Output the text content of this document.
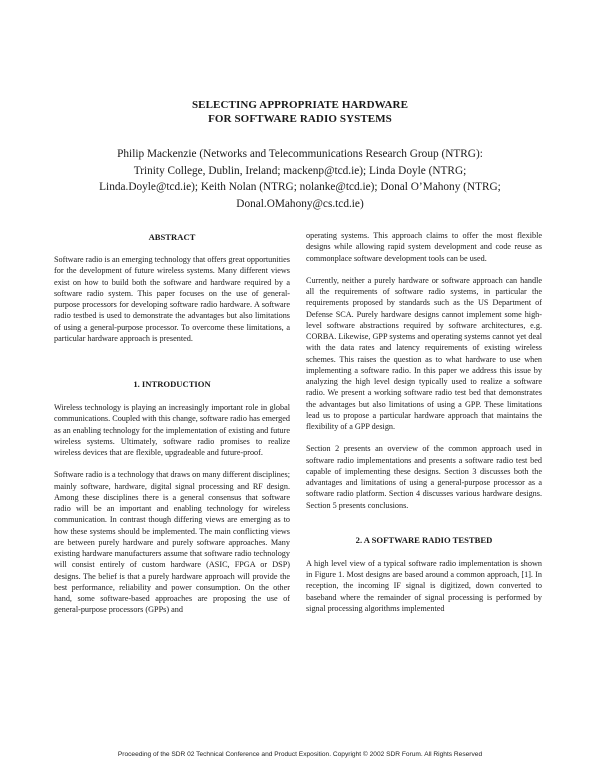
SELECTING APPROPRIATE HARDWARE
FOR SOFTWARE RADIO SYSTEMS
Philip Mackenzie (Networks and Telecommunications Research Group (NTRG):
Trinity College, Dublin, Ireland; mackenp@tcd.ie); Linda Doyle (NTRG;
Linda.Doyle@tcd.ie); Keith Nolan (NTRG; nolanke@tcd.ie); Donal O’Mahony (NTRG;
Donal.OMahony@cs.tcd.ie)
ABSTRACT

Software radio is an emerging technology that offers great opportunities for the development of future wireless systems. Many different views exist on how to build both the software and hardware required by a software radio system. This paper focuses on the use of general-purpose processors for developing software radio hardware. A software radio testbed is used to demonstrate the advantages but also limitations of using a general-purpose processor. To overcome these limitations, a particular hardware approach is presented.

1. INTRODUCTION

Wireless technology is playing an increasingly important role in global communications. Coupled with this change, software radio has emerged as an enabling technology for the implementation of existing and future wireless systems. Ultimately, software radio promises to realize wireless devices that are flexible, upgradeable and future-proof.

Software radio is a technology that draws on many different disciplines; mainly software, hardware, digital signal processing and RF design. Among these disciplines there is a general consensus that software radio will be an important and enabling technology for wireless communication. In contrast though differing views are emerging as to how these systems should be implemented. The main conflicting views are between purely hardware and purely software approaches. Many existing hardware manufacturers assume that software radio technology will consist entirely of custom hardware (ASIC, FPGA or DSP) designs. The belief is that a purely hardware approach will provide the best performance, reliability and power consumption. On the other hand, some software-based approaches are proposing the use of general-purpose processors (GPPs) and

operating systems. This approach claims to offer the most flexible designs while allowing rapid system development and code reuse as commonplace software development tools can be used.

Currently, neither a purely hardware or software approach can handle all the requirements of software radio systems, in particular the requirements proposed by standards such as the US Department of Defense SCA. Purely hardware designs cannot implement some high-level software abstractions required by software architectures, e.g. CORBA. Likewise, GPP systems and operating systems cannot yet deal with the data rates and latency requirements of existing wireless schemes. This raises the question as to what hardware to use when implementing a software radio. In this paper we address this issue by analyzing the high level design typically used to realize a software radio. We present a working software radio test bed that demonstrates the advantages but also limitations of using a GPP. These limitations lead us to propose a particular hardware approach that maintains the flexibility of a GPP design.

Section 2 presents an overview of the common approach used in software radio implementations and presents a software radio test bed capable of implementing these designs. Section 3 discusses both the advantages and limitations of using a general-purpose processor as a software radio platform. Section 4 discusses various hardware designs. Section 5 presents conclusions.

2. A SOFTWARE RADIO TESTBED

A high level view of a typical software radio implementation is shown in Figure 1. Most designs are based around a common approach, [1]. In reception, the incoming IF signal is digitized, down converted to baseband where the remainder of signal processing is performed by signal processing algorithms implemented

Proceeding of the SDR 02 Technical Conference and Product Exposition. Copyright © 2002 SDR Forum. All Rights Reserved
